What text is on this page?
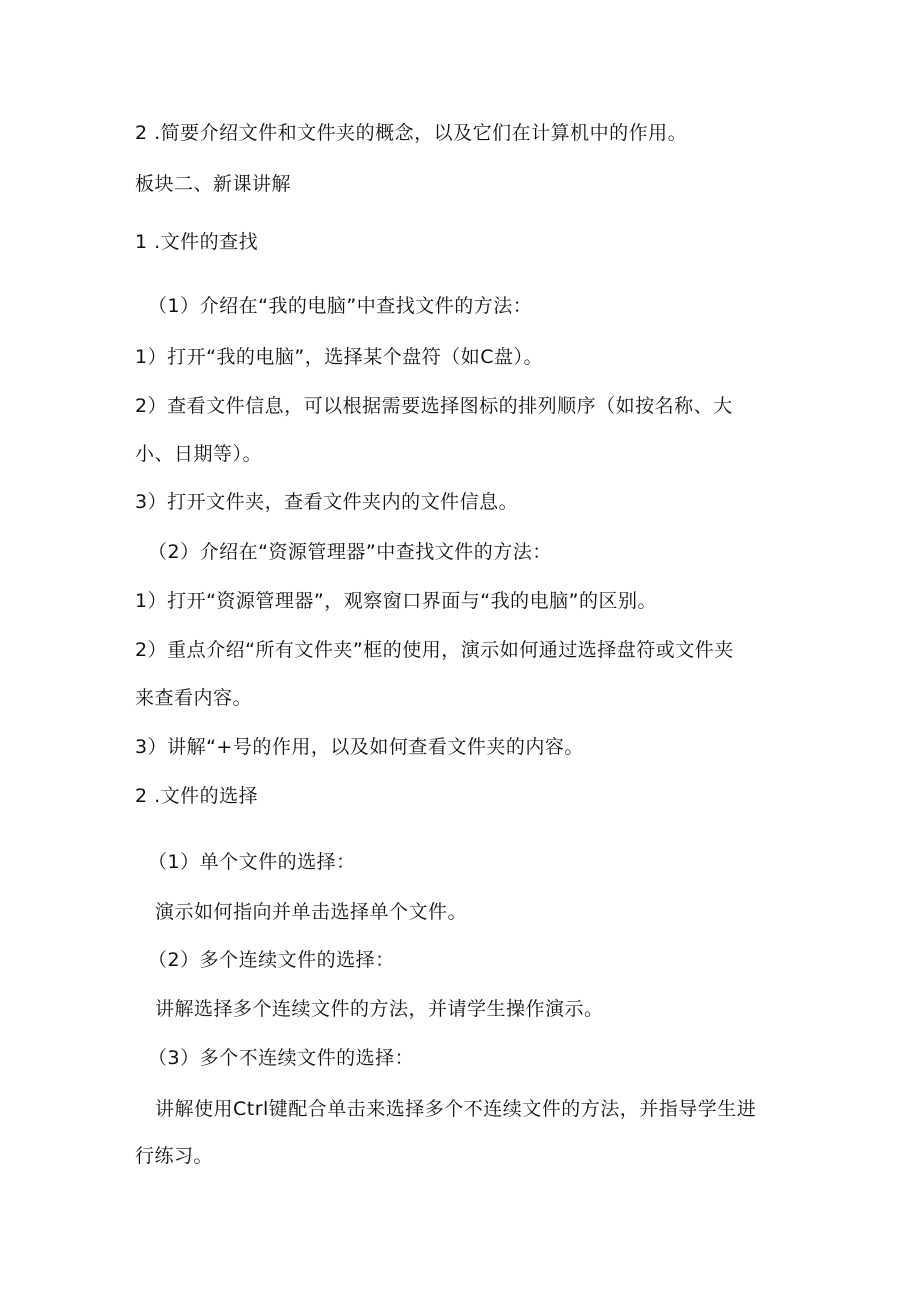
2 .简要介绍文件和文件夹的概念，以及它们在计算机中的作用。
板块二、新课讲解
1 .文件的查找
（1）介绍在“我的电脑”中查找文件的方法：
1）打开“我的电脑”，选择某个盘符（如C盘）。
2）查看文件信息，可以根据需要选择图标的排列顺序（如按名称、大
小、日期等）。
3）打开文件夹，查看文件夹内的文件信息。
（2）介绍在“资源管理器”中查找文件的方法：
1）打开“资源管理器”，观察窗口界面与“我的电脑”的区别。
2）重点介绍“所有文件夹”框的使用，演示如何通过选择盘符或文件夹
来查看内容。
3）讲解“+号的作用，以及如何查看文件夹的内容。
2 .文件的选择
（1）单个文件的选择：
演示如何指向并单击选择单个文件。
（2）多个连续文件的选择：
讲解选择多个连续文件的方法，并请学生操作演示。
（3）多个不连续文件的选择：
讲解使用Ctrl键配合单击来选择多个不连续文件的方法，并指导学生进
行练习。
